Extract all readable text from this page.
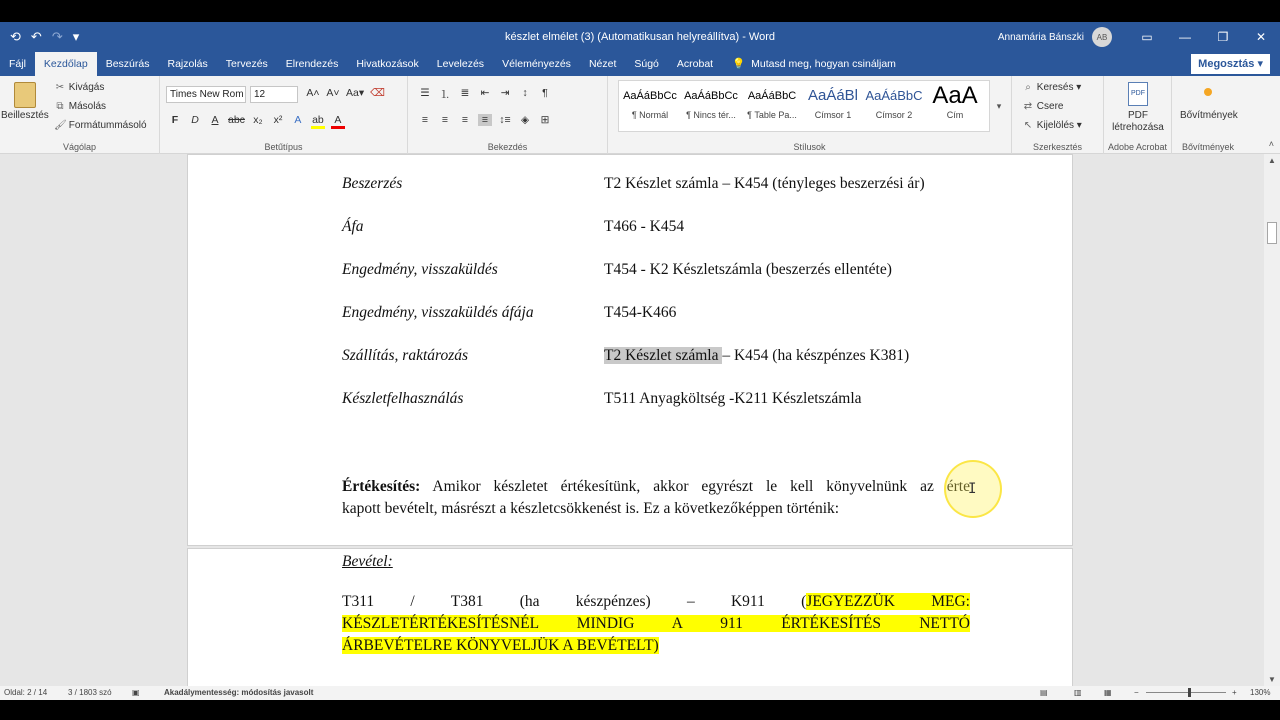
⟲ ↶ ↷ ▾	készlet elmélet (3) (Automatikusan helyreállítva) - Word	Annamária Bánszki	AB	▭	—	❐	✕
Fájl	Kezdőlap	Beszúrás	Rajzolás	Tervezés	Elrendezés	Hivatkozások	Levelezés	Véleményezés	Nézet	Súgó	Acrobat	💡 Mutasd meg, hogyan csináljam	Megosztás ▾
Beillesztés
✂ Kivágás
⧉ Másolás
🖌 Formátummásoló
Vágólap
Times New Rom	12	A˄ A˅ Aa▾ ⌫
F	D	A abc x₂ x²	A	ab	A
Betűtípus
☰ ⒈ ≣ ⇤ ⇥	↕	¶
≡	≡	≡	≡	↕≡ ◈ ⊞
Bekezdés
AaÁáBbCc
¶ Normál
AaÁáBbCc
¶ Nincs tér...
AaÁáBbC
¶ Table Pa...
AaÁáBl
Címsor 1
AaÁáBbC
Címsor 2
AaA
Cím
▾
Stílusok
⌕ Keresés ▾
⇄ Csere
↖ Kijelölés ▾
Szerkesztés
PDF
PDF létrehozása
Adobe Acrobat
Bővítmények
Bővítmények	˄
Beszerzés	T2 Készlet számla – K454 (tényleges beszerzési ár)
Áfa	T466 - K454
Engedmény, visszaküldés	T454 - K2 Készletszámla (beszerzés ellentéte)
Engedmény, visszaküldés áfája	T454-K466
Szállítás, raktározás	T2 Készlet számla – K454 (ha készpénzes K381)
Készletfelhasználás	T511 Anyagköltség -K211 Készletszámla
Értékesítés: Amikor készletet értékesítünk, akkor egyrészt le kell könyvelnünk az érte
kapott bevételt, másrészt a készletcsökkenést is. Ez a következőképpen történik:
I
Bevétel:
T311 / T381 (ha készpénzes) – K911 (JEGYEZZÜK MEG:
KÉSZLETÉRTÉKESÍTÉSNÉL MINDIG A 911 ÉRTÉKESÍTÉS NETTÓ
ÁRBEVÉTELRE KÖNYVELJÜK A BEVÉTELT)
▲
▼
Oldal: 2 / 14	3 / 1803 szó	▣	Akadálymentesség: módosítás javasolt	▤	▥	▦	−	+ 130%
